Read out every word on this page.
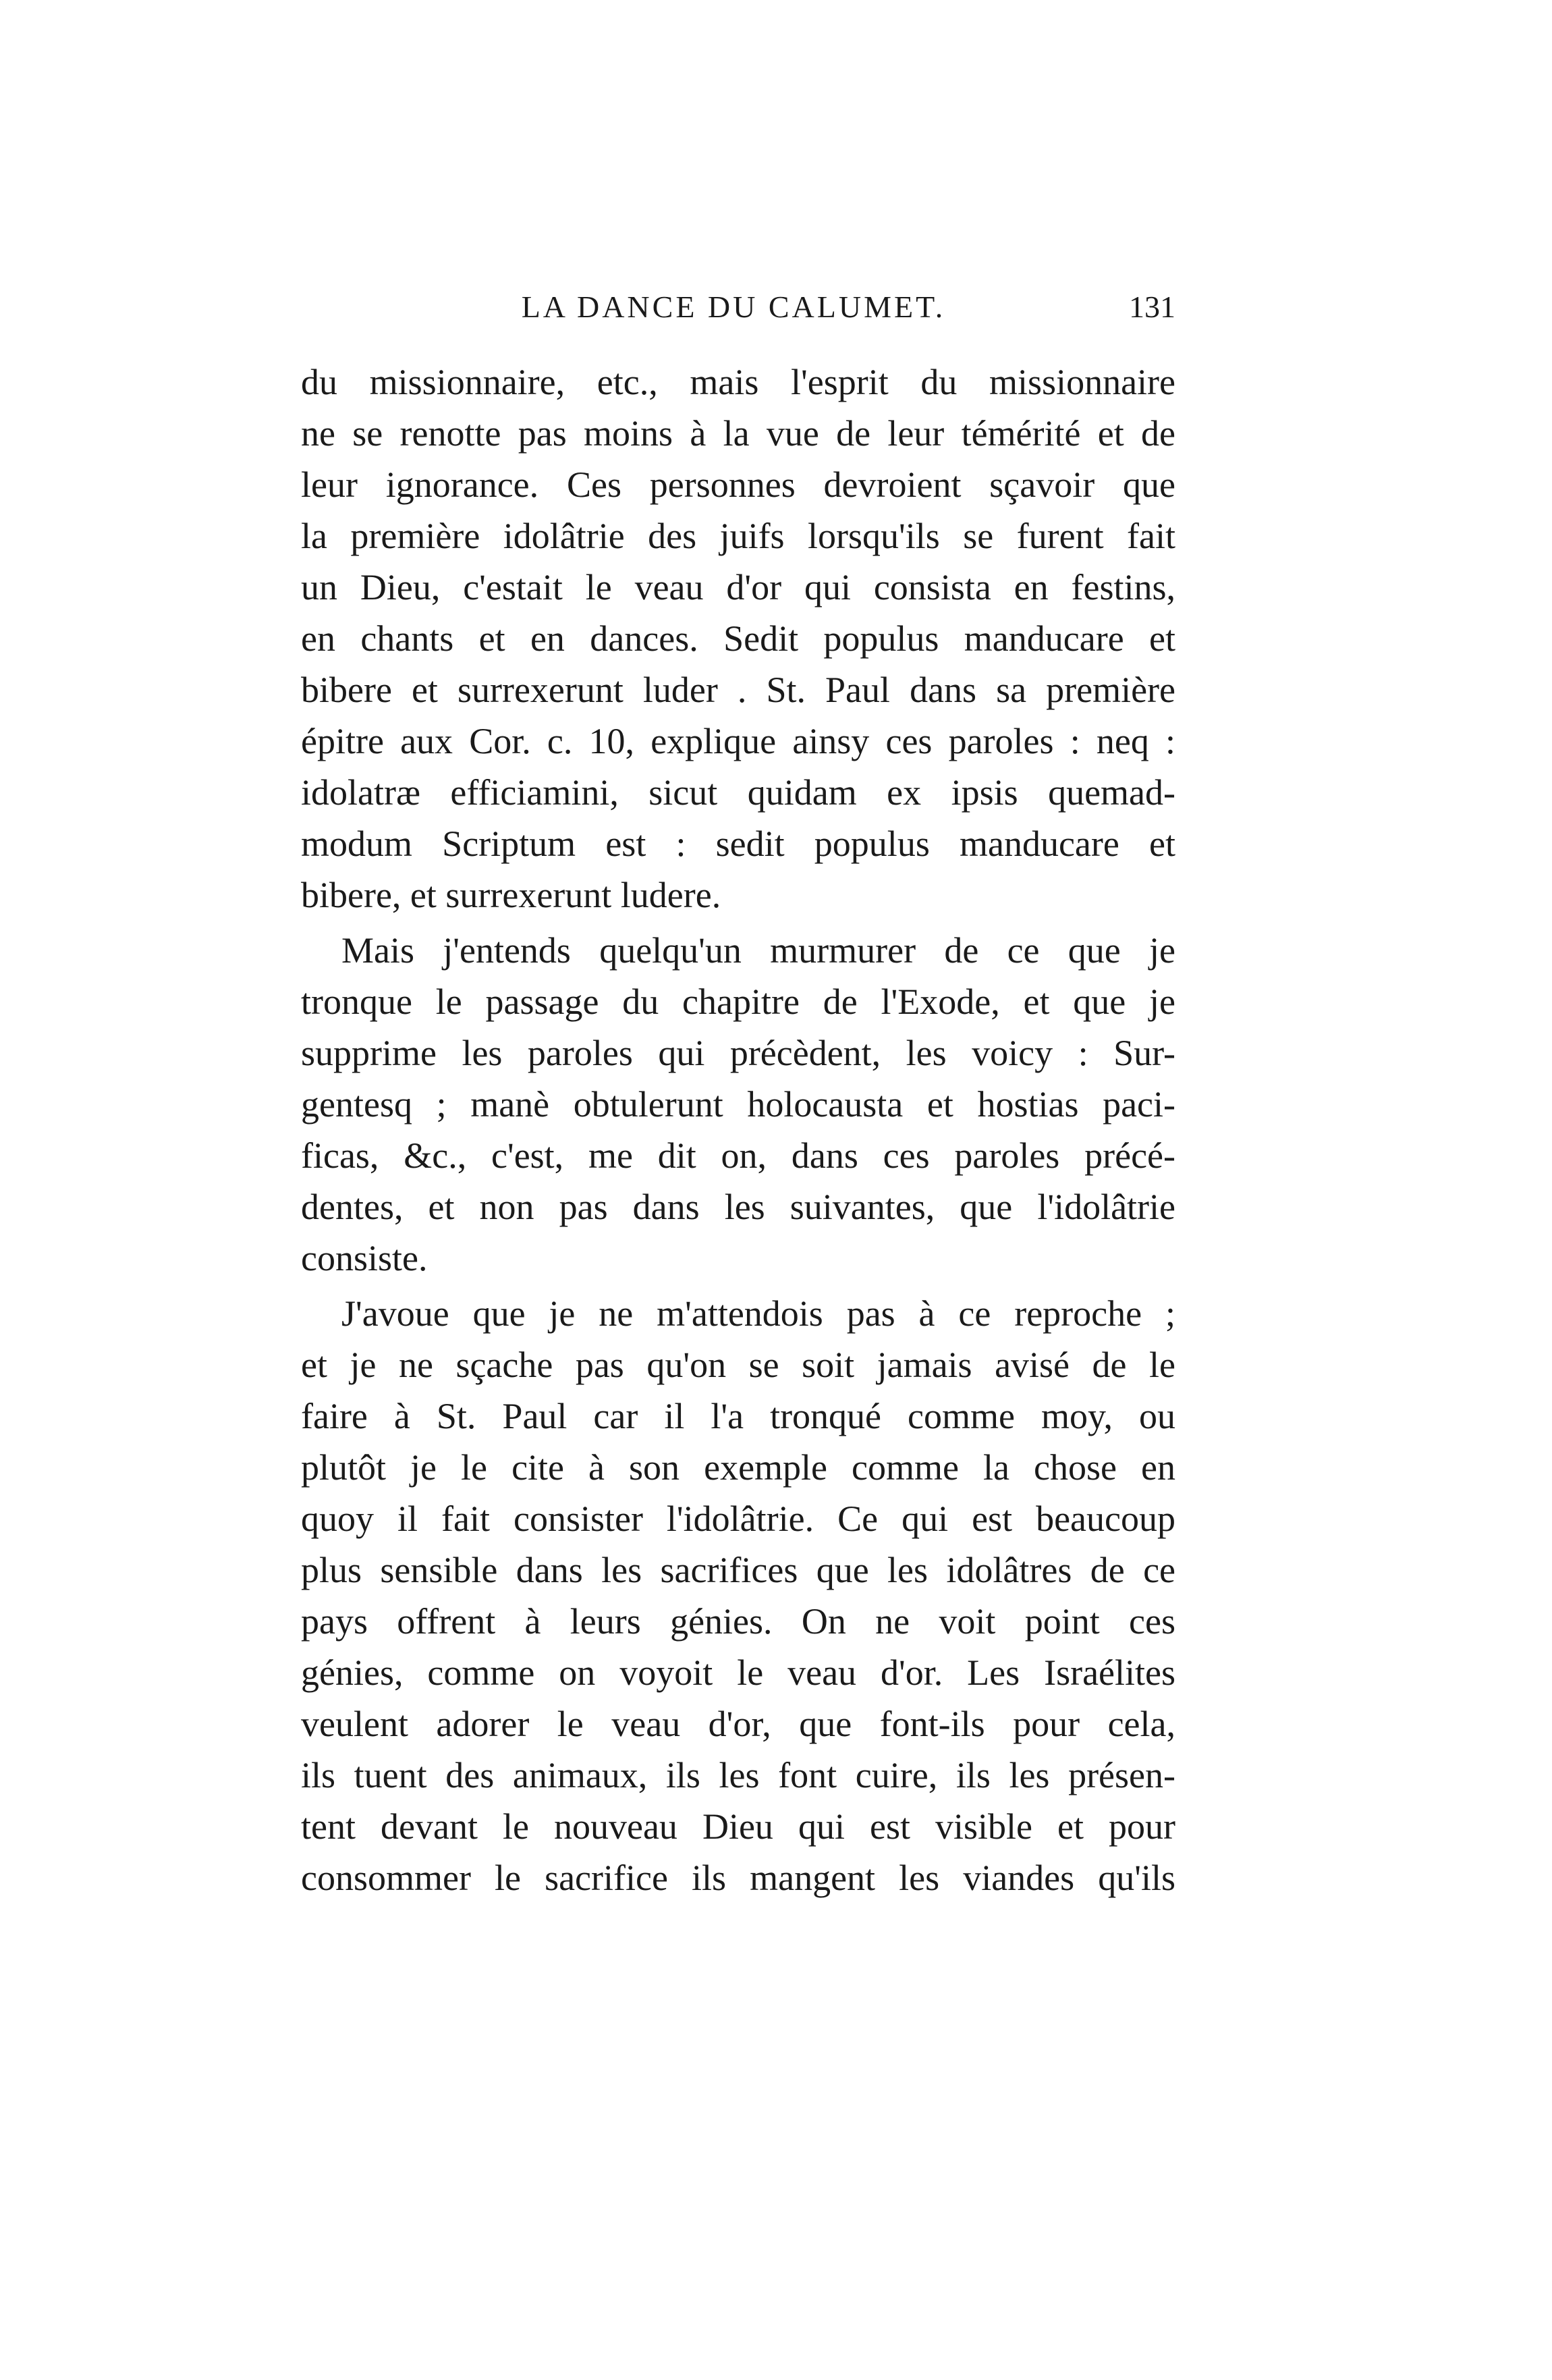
LA DANCE DU CALUMET.	131
du missionnaire, etc., mais l'esprit du missionnaire
ne se renotte pas moins à la vue de leur témérité et de
leur ignorance. Ces personnes devroient sçavoir que
la première idolâtrie des juifs lorsqu'ils se furent fait
un Dieu, c'estait le veau d'or qui consista en festins,
en chants et en dances. Sedit populus manducare et
bibere et surrexerunt luder . St. Paul dans sa première
épitre aux Cor. c. 10, explique ainsy ces paroles : neq :
idolatræ efficiamini, sicut quidam ex ipsis quemad-
modum Scriptum est : sedit populus manducare et
bibere, et surrexerunt ludere.
Mais j'entends quelqu'un murmurer de ce que je
tronque le passage du chapitre de l'Exode, et que je
supprime les paroles qui précèdent, les voicy : Sur-
gentesq ; manè obtulerunt holocausta et hostias paci-
ficas, &c., c'est, me dit on, dans ces paroles précé-
dentes, et non pas dans les suivantes, que l'idolâtrie
consiste.
J'avoue que je ne m'attendois pas à ce reproche ;
et je ne sçache pas qu'on se soit jamais avisé de le
faire à St. Paul car il l'a tronqué comme moy, ou
plutôt je le cite à son exemple comme la chose en
quoy il fait consister l'idolâtrie. Ce qui est beaucoup
plus sensible dans les sacrifices que les idolâtres de ce
pays offrent à leurs génies. On ne voit point ces
génies, comme on voyoit le veau d'or. Les Israélites
veulent adorer le veau d'or, que font-ils pour cela,
ils tuent des animaux, ils les font cuire, ils les présen-
tent devant le nouveau Dieu qui est visible et pour
consommer le sacrifice ils mangent les viandes qu'ils
